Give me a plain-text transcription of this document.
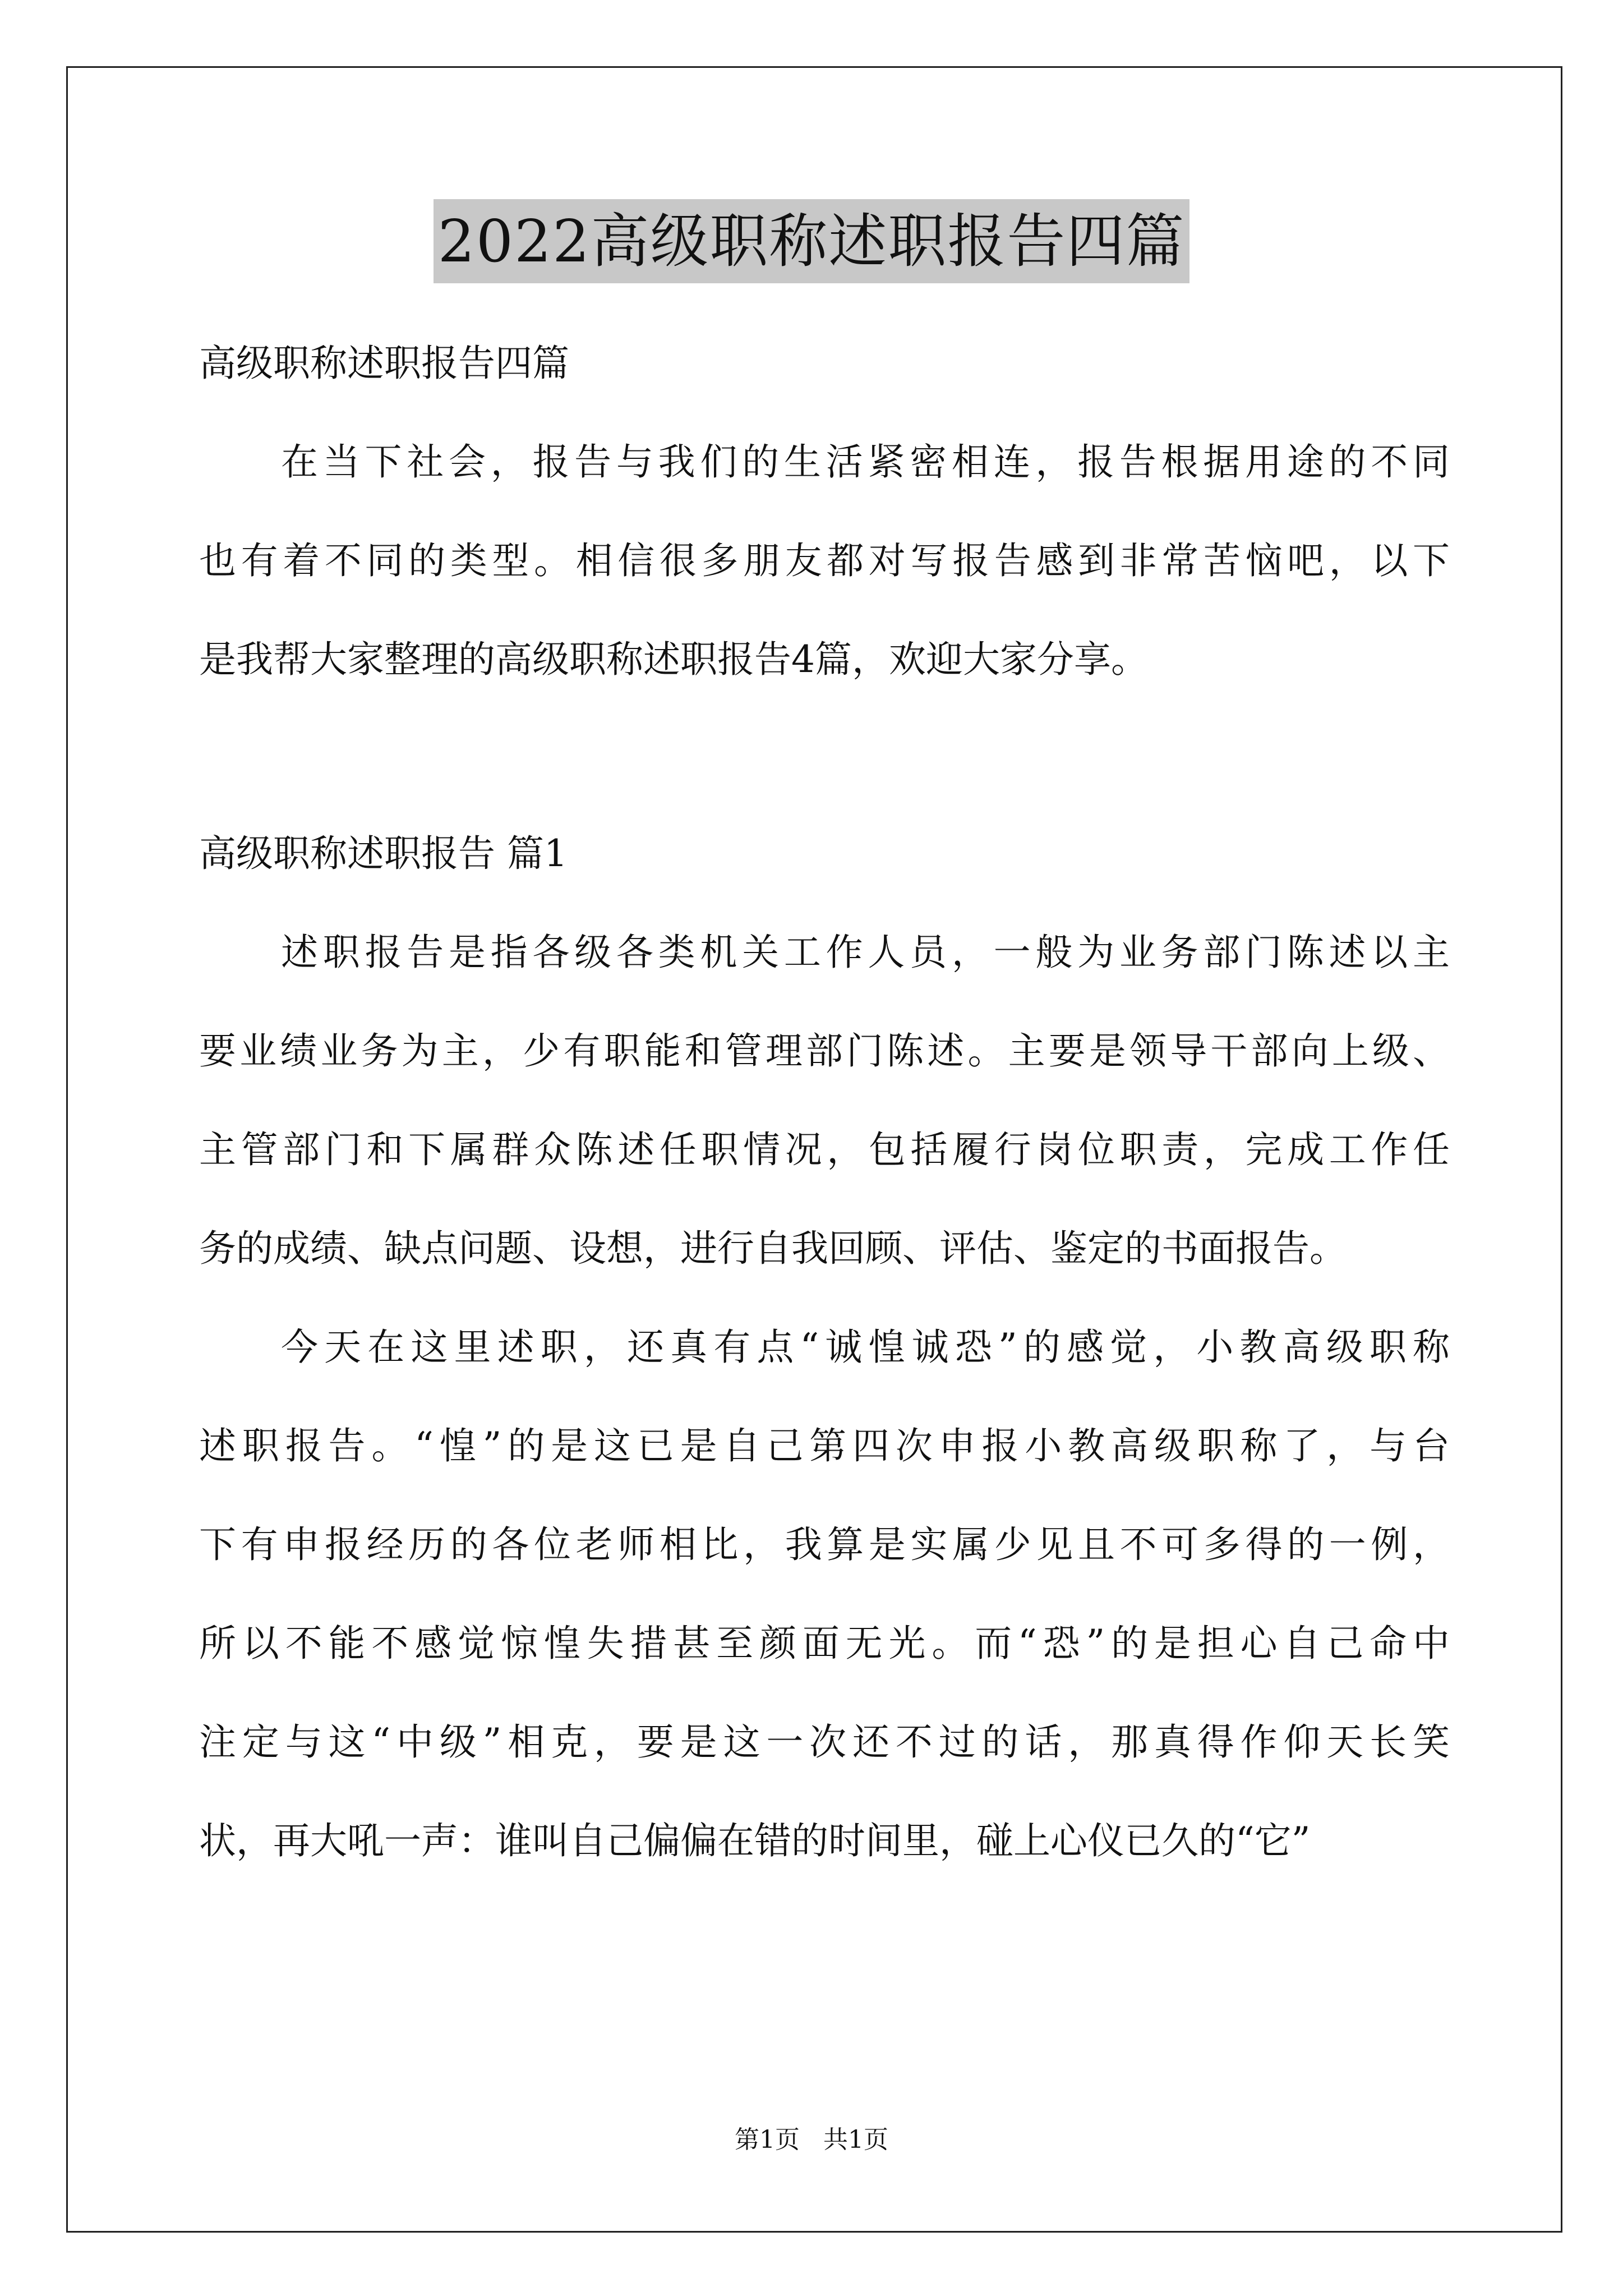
2022高级职称述职报告四篇
高级职称述职报告四篇
在当下社会，报告与我们的生活紧密相连，报告根据用途的不同
也有着不同的类型。相信很多朋友都对写报告感到非常苦恼吧，以下
是我帮大家整理的高级职称述职报告4篇，欢迎大家分享。
高级职称述职报告 篇1
述职报告是指各级各类机关工作人员，一般为业务部门陈述以主
要业绩业务为主，少有职能和管理部门陈述。主要是领导干部向上级、
主管部门和下属群众陈述任职情况，包括履行岗位职责，完成工作任
务的成绩、缺点问题、设想，进行自我回顾、评估、鉴定的书面报告。
今天在这里述职，还真有点“诚惶诚恐”的感觉，小教高级职称
述职报告。“惶”的是这已是自己第四次申报小教高级职称了，与台
下有申报经历的各位老师相比，我算是实属少见且不可多得的一例，
所以不能不感觉惊惶失措甚至颜面无光。而“恐”的是担心自己命中
注定与这“中级”相克，要是这一次还不过的话，那真得作仰天长笑
状，再大吼一声：谁叫自己偏偏在错的时间里，碰上心仪已久的“它”
第1页   共1页
